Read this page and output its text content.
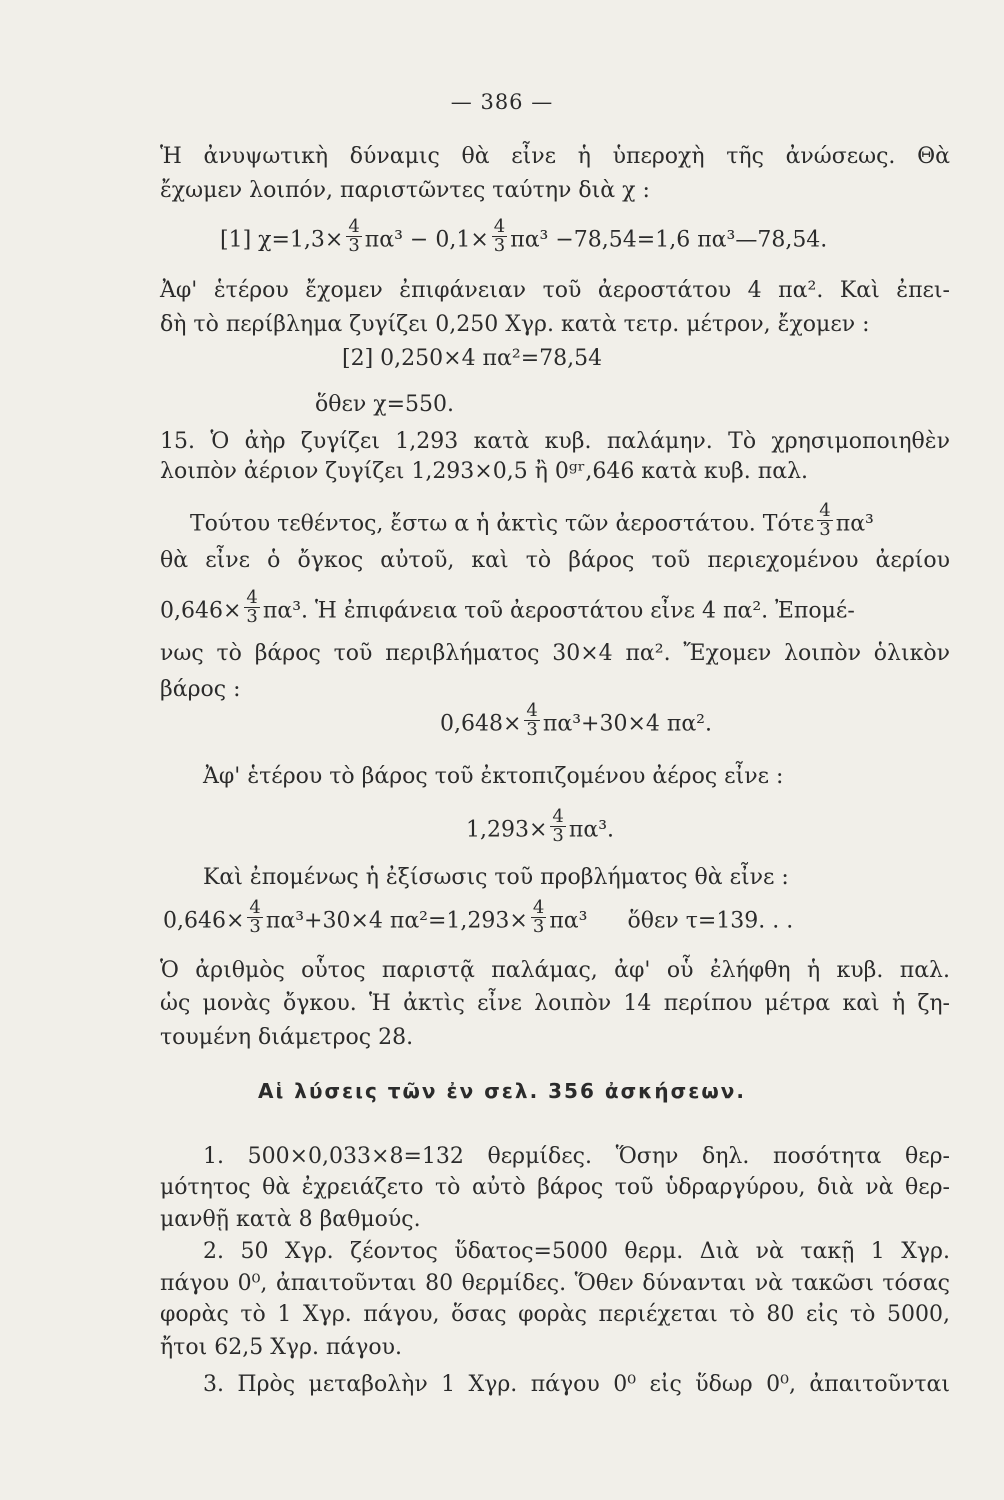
— 386 —
Ἡ ἀνυψωτικὴ δύναμις θὰ εἶνε ἡ ὑπεροχὴ τῆς ἀνώσεως. Θὰ
ἔχωμεν λοιπόν, παριστῶντες ταύτην διὰ χ :
[1] $\chi=1,3\times \frac{4}{3} \pi\alpha^3 - 0,1\times \frac{4}{3} \pi\alpha^3 -78,54=1,6$ πα³—78,54.
Ἀφ' ἑτέρου ἔχομεν ἐπιφάνειαν τοῦ ἀεροστάτου 4 πα². Καὶ ἐπει-
δὴ τὸ περίβλημα ζυγίζει 0,250 Χγρ. κατὰ τετρ. μέτρον, ἔχομεν :
[2] 0,250×4 πα²=78,54
ὅθεν χ=550.
15. Ὁ ἀὴρ ζυγίζει 1,293 κατὰ κυβ. παλάμην. Τὸ χρησιμοποιηθὲν
λοιπὸν ἀέριον ζυγίζει 1,293×0,5 ἢ 0ᵍʳ,646 κατὰ κυβ. παλ.
Τούτου τεθέντος, ἔστω α ἡ ἀκτὶς τῶν ἀεροστάτου. Τότε $\frac{4}{3} \pi\alpha^3$
θὰ εἶνε ὁ ὄγκος αὐτοῦ, καὶ τὸ βάρος τοῦ περιεχομένου ἀερίου
$0,646\times \frac{4}{3} \pi\alpha^3$. Ἡ ἐπιφάνεια τοῦ ἀεροστάτου εἶνε 4 πα². Ἐπομέ-
νως τὸ βάρος τοῦ περιβλήματος 30×4 πα². Ἔχομεν λοιπὸν ὁλικὸν
βάρος :
$0,648\times \frac{4}{3} \pi\alpha^3+30\times 4$ πα².
Ἀφ' ἑτέρου τὸ βάρος τοῦ ἐκτοπιζομένου ἀέρος εἶνε :
$1,293\times \frac{4}{3} \pi\alpha^3$.
Καὶ ἐπομένως ἡ ἐξίσωσις τοῦ προβλήματος θὰ εἶνε :
$0,646\times \frac{4}{3} \pi\alpha^3+30\times 4$ $\pi\alpha^2=1,293\times \frac{4}{3} \pi\alpha^3$ ὅθεν τ=139. . .
Ὁ ἀριθμὸς οὗτος παριστᾷ παλάμας, ἀφ' οὗ ἐλήφθη ἡ κυβ. παλ.
ὡς μονὰς ὄγκου. Ἡ ἀκτὶς εἶνε λοιπὸν 14 περίπου μέτρα καὶ ἡ ζη-
τουμένη διάμετρος 28.
Αἱ λύσεις τῶν ἐν σελ. 356 ἀσκήσεων.
1. 500×0,033×8=132 θερμίδες. Ὅσην δηλ. ποσότητα θερ-
μότητος θὰ ἐχρειάζετο τὸ αὐτὸ βάρος τοῦ ὑδραργύρου, διὰ νὰ θερ-
μανθῇ κατὰ 8 βαθμούς.
2. 50 Χγρ. ζέοντος ὕδατος=5000 θερμ. Διὰ νὰ τακῇ 1 Χγρ.
πάγου 0⁰, ἀπαιτοῦνται 80 θερμίδες. Ὅθεν δύνανται νὰ τακῶσι τόσας
φορὰς τὸ 1 Χγρ. πάγου, ὅσας φορὰς περιέχεται τὸ 80 εἰς τὸ 5000,
ἤτοι 62,5 Χγρ. πάγου.
3. Πρὸς μεταβολὴν 1 Χγρ. πάγου 0⁰ εἰς ὕδωρ 0⁰, ἀπαιτοῦνται
